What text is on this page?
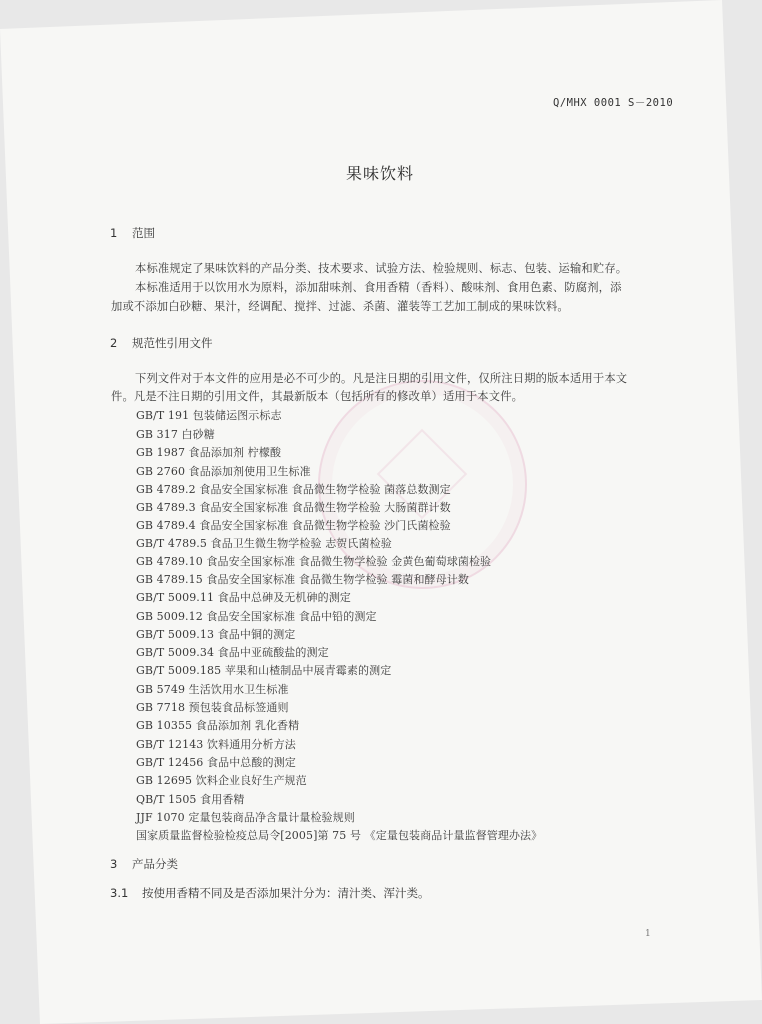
Q/MHX 0001 S－2010
果味饮料
1 范围
本标准规定了果味饮料的产品分类、技术要求、试验方法、检验规则、标志、包装、运输和贮存。
本标准适用于以饮用水为原料，添加甜味剂、食用香精（香料）、酸味剂、食用色素、防腐剂，添
加或不添加白砂糖、果汁，经调配、搅拌、过滤、杀菌、灌装等工艺加工制成的果味饮料。
2 规范性引用文件
下列文件对于本文件的应用是必不可少的。凡是注日期的引用文件，仅所注日期的版本适用于本文
件。凡是不注日期的引用文件，其最新版本（包括所有的修改单）适用于本文件。
GB/T 191 包装储运图示标志
GB 317 白砂糖
GB 1987 食品添加剂 柠檬酸
GB 2760 食品添加剂使用卫生标准
GB 4789.2 食品安全国家标准 食品微生物学检验 菌落总数测定
GB 4789.3 食品安全国家标准 食品微生物学检验 大肠菌群计数
GB 4789.4 食品安全国家标准 食品微生物学检验 沙门氏菌检验
GB/T 4789.5 食品卫生微生物学检验 志贺氏菌检验
GB 4789.10 食品安全国家标准 食品微生物学检验 金黄色葡萄球菌检验
GB 4789.15 食品安全国家标准 食品微生物学检验 霉菌和酵母计数
GB/T 5009.11 食品中总砷及无机砷的测定
GB 5009.12 食品安全国家标准 食品中铅的测定
GB/T 5009.13 食品中铜的测定
GB/T 5009.34 食品中亚硫酸盐的测定
GB/T 5009.185 苹果和山楂制品中展青霉素的测定
GB 5749 生活饮用水卫生标准
GB 7718 预包装食品标签通则
GB 10355 食品添加剂 乳化香精
GB/T 12143 饮料通用分析方法
GB/T 12456 食品中总酸的测定
GB 12695 饮料企业良好生产规范
QB/T 1505 食用香精
JJF 1070 定量包装商品净含量计量检验规则
国家质量监督检验检疫总局令[2005]第 75 号 《定量包装商品计量监督管理办法》
3 产品分类
3.1 按使用香精不同及是否添加果汁分为：清汁类、浑汁类。
1
